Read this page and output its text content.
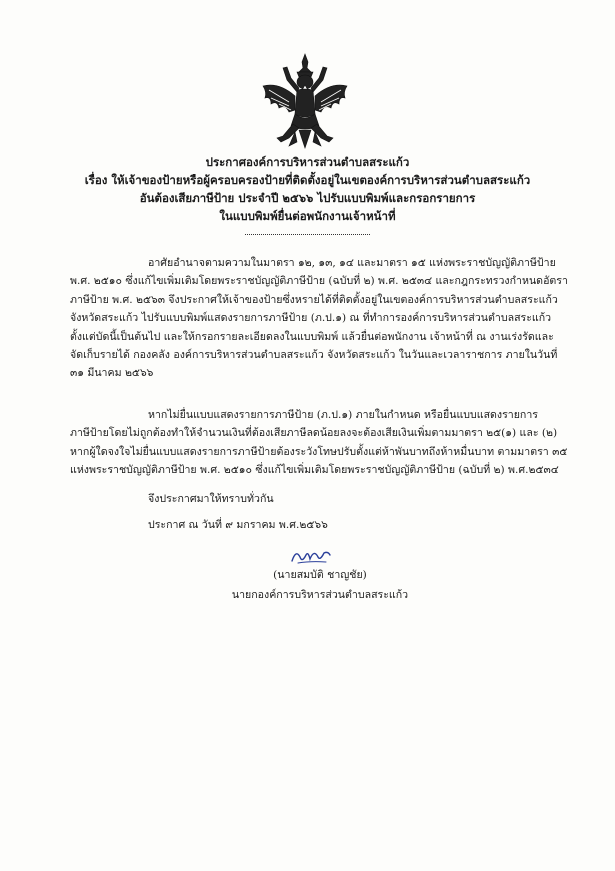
ประกาศองค์การบริหารส่วนตำบลสระแก้ว
เรื่อง ให้เจ้าของป้ายหรือผู้ครอบครองป้ายที่ติดตั้งอยู่ในเขตองค์การบริหารส่วนตำบลสระแก้ว
อันต้องเสียภาษีป้าย ประจำปี ๒๕๖๖ ไปรับแบบพิมพ์และกรอกรายการ
ในแบบพิมพ์ยื่นต่อพนักงานเจ้าหน้าที่
อาศัยอำนาจตามความในมาตรา ๑๒, ๑๓, ๑๔ และมาตรา ๑๕ แห่งพระราชบัญญัติภาษีป้าย
พ.ศ. ๒๕๑๐ ซึ่งแก้ไขเพิ่มเติมโดยพระราชบัญญัติภาษีป้าย (ฉบับที่ ๒) พ.ศ. ๒๕๓๔ และกฎกระทรวงกำหนดอัตรา
ภาษีป้าย พ.ศ. ๒๕๖๓ จึงประกาศให้เจ้าของป้ายซึ่งหรายได้ที่ติดตั้งอยู่ในเขตองค์การบริหารส่วนตำบลสระแก้ว
จังหวัดสระแก้ว ไปรับแบบพิมพ์แสดงรายการภาษีป้าย (ภ.ป.๑) ณ ที่ทำการองค์การบริหารส่วนตำบลสระแก้ว
ตั้งแต่บัดนี้เป็นต้นไป และให้กรอกรายละเอียดลงในแบบพิมพ์ แล้วยื่นต่อพนักงาน เจ้าหน้าที่ ณ งานเร่งรัดและ
จัดเก็บรายได้ กองคลัง องค์การบริหารส่วนตำบลสระแก้ว จังหวัดสระแก้ว ในวันและเวลาราชการ ภายในวันที่
๓๑ มีนาคม ๒๕๖๖
หากไม่ยื่นแบบแสดงรายการภาษีป้าย (ภ.ป.๑) ภายในกำหนด หรือยื่นแบบแสดงรายการ
ภาษีป้ายโดยไม่ถูกต้องทำให้จำนวนเงินที่ต้องเสียภาษีลดน้อยลงจะต้องเสียเงินเพิ่มตามมาตรา ๒๕(๑) และ (๒)
หากผู้ใดจงใจไม่ยื่นแบบแสดงรายการภาษีป้ายต้องระวังโทษปรับตั้งแต่ห้าพันบาทถึงห้าหมื่นบาท ตามมาตรา ๓๕
แห่งพระราชบัญญัติภาษีป้าย พ.ศ. ๒๕๑๐ ซึ่งแก้ไขเพิ่มเติมโดยพระราชบัญญัติภาษีป้าย (ฉบับที่ ๒) พ.ศ.๒๕๓๔
จึงประกาศมาให้ทราบทั่วกัน
ประกาศ ณ วันที่ ๙ มกราคม พ.ศ.๒๕๖๖
(นายสมบัติ ชาญชัย)
นายกองค์การบริหารส่วนตำบลสระแก้ว
